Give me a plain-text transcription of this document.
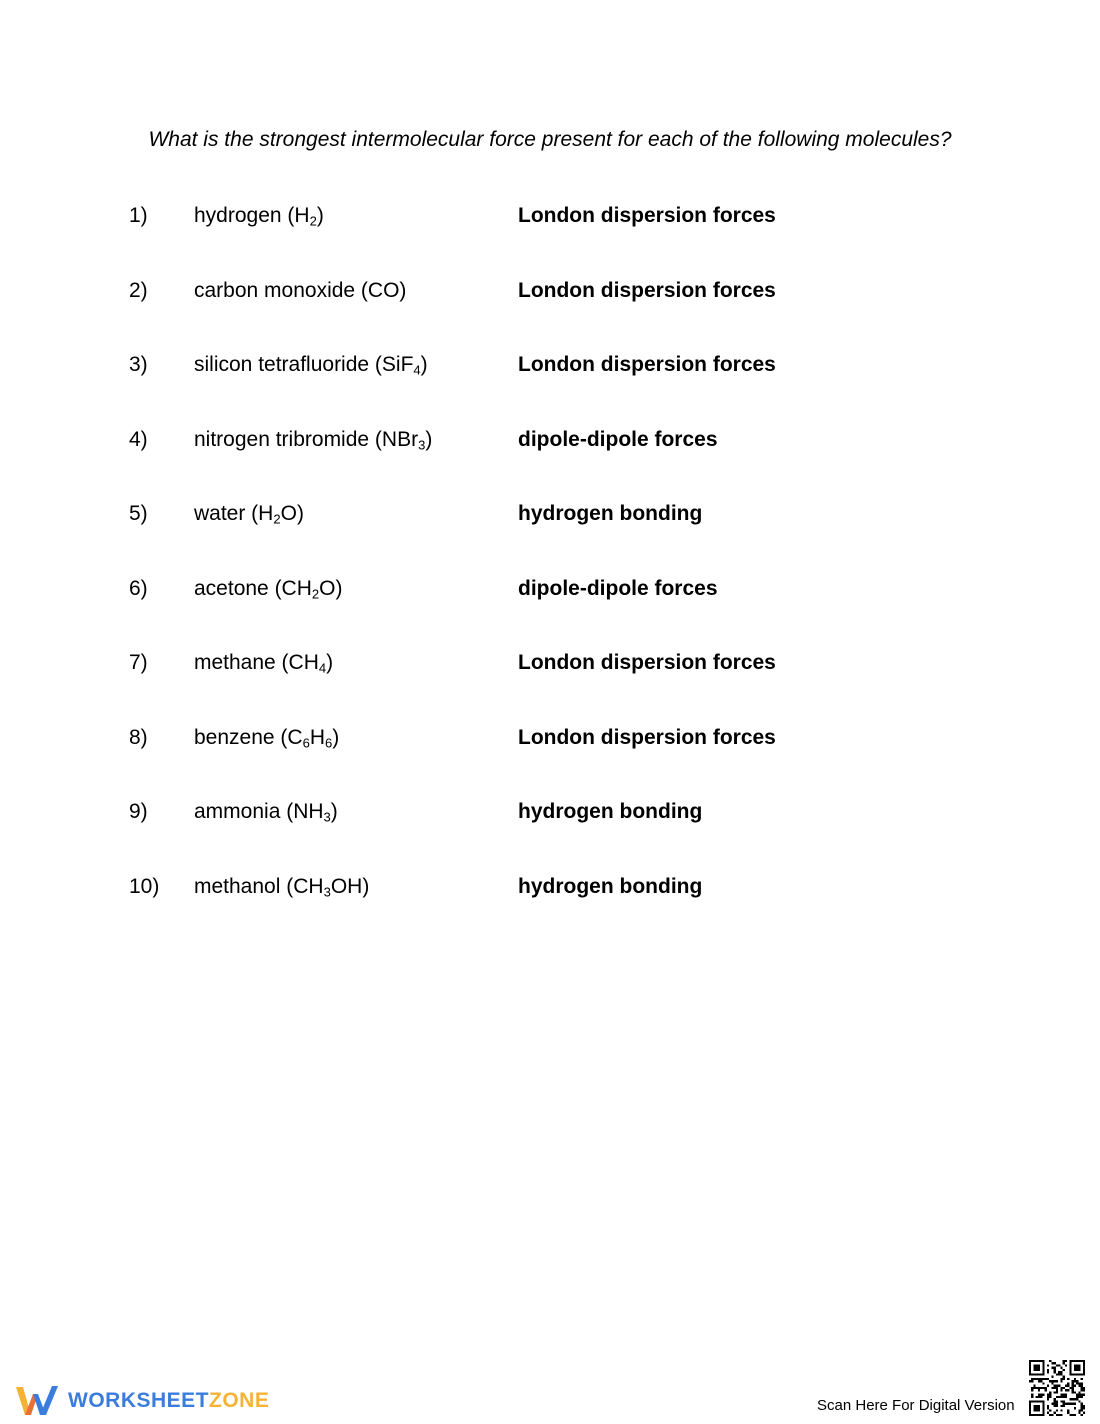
What is the strongest intermolecular force present for each of the following molecules?
1) hydrogen $(H_2)$	London dispersion forces
2) carbon monoxide (CO)	London dispersion forces
3) silicon tetrafluoride (SiF$_4$)	London dispersion forces
4) nitrogen tribromide (NBr$_3$)	dipole-dipole forces
5) water $(H_2O)$	hydrogen bonding
6) acetone $(CH_2O)$	dipole-dipole forces
7) methane $(CH_4)$	London dispersion forces
8) benzene $(C_6H_6)$	London dispersion forces
9) ammonia $(NH_3)$	hydrogen bonding
10) methanol $(CH_3OH)$	hydrogen bonding
WORKSHEETZONE	Scan Here For Digital Version
